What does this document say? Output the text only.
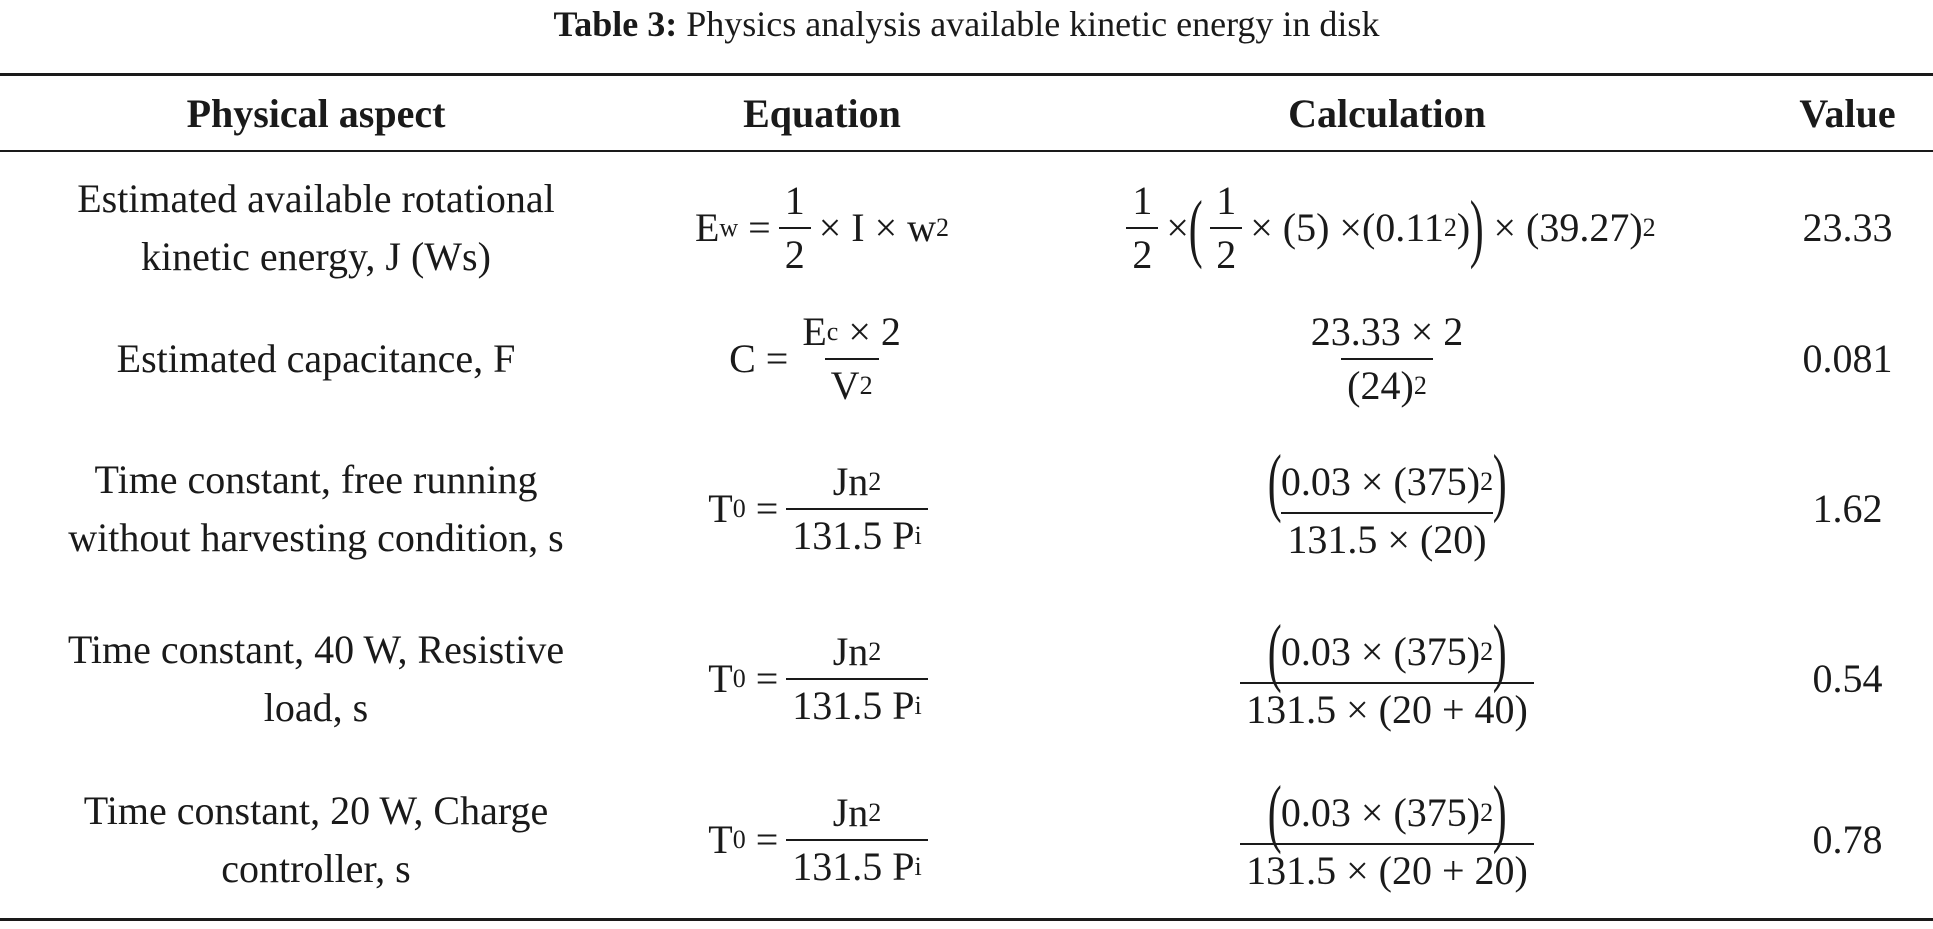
Table 3: Physics analysis available kinetic energy in disk
Physical aspect	Equation	Calculation	Value
Estimated available rotational
kinetic energy, J (Ws)
E $w = \frac{1}{2} \times I \times w$ 2	$\frac{1}{2}$ × ( $\frac{1}{2} \times (5)$ × ( 0.11 2 ) ) × (39.27) 2	23.33
Estimated capacitance, F	$C = \frac{\text{E c × 2}}{V 2}$	$\frac{23.33 \times 2}{(24) 2}$	0.081
Time constant, free running
without harvesting condition, s
T $0 = \frac{Jn 2}{\text{131.5 P i}}$	$\frac{( 0.03 \times (375) 2 )}{131.5 \times (20)}$	1.62
Time constant, 40 W, Resistive
load, s
T $0 = \frac{Jn 2}{\text{131.5 P i}}$	$\frac{( 0.03 \times (375) 2 )}{131.5 \times (20 + 40)}$	0.54
Time constant, 20 W, Charge
controller, s
T $0 = \frac{Jn 2}{\text{131.5 P i}}$	$\frac{( 0.03 \times (375) 2 )}{131.5 \times (20 + 20)}$	0.78
